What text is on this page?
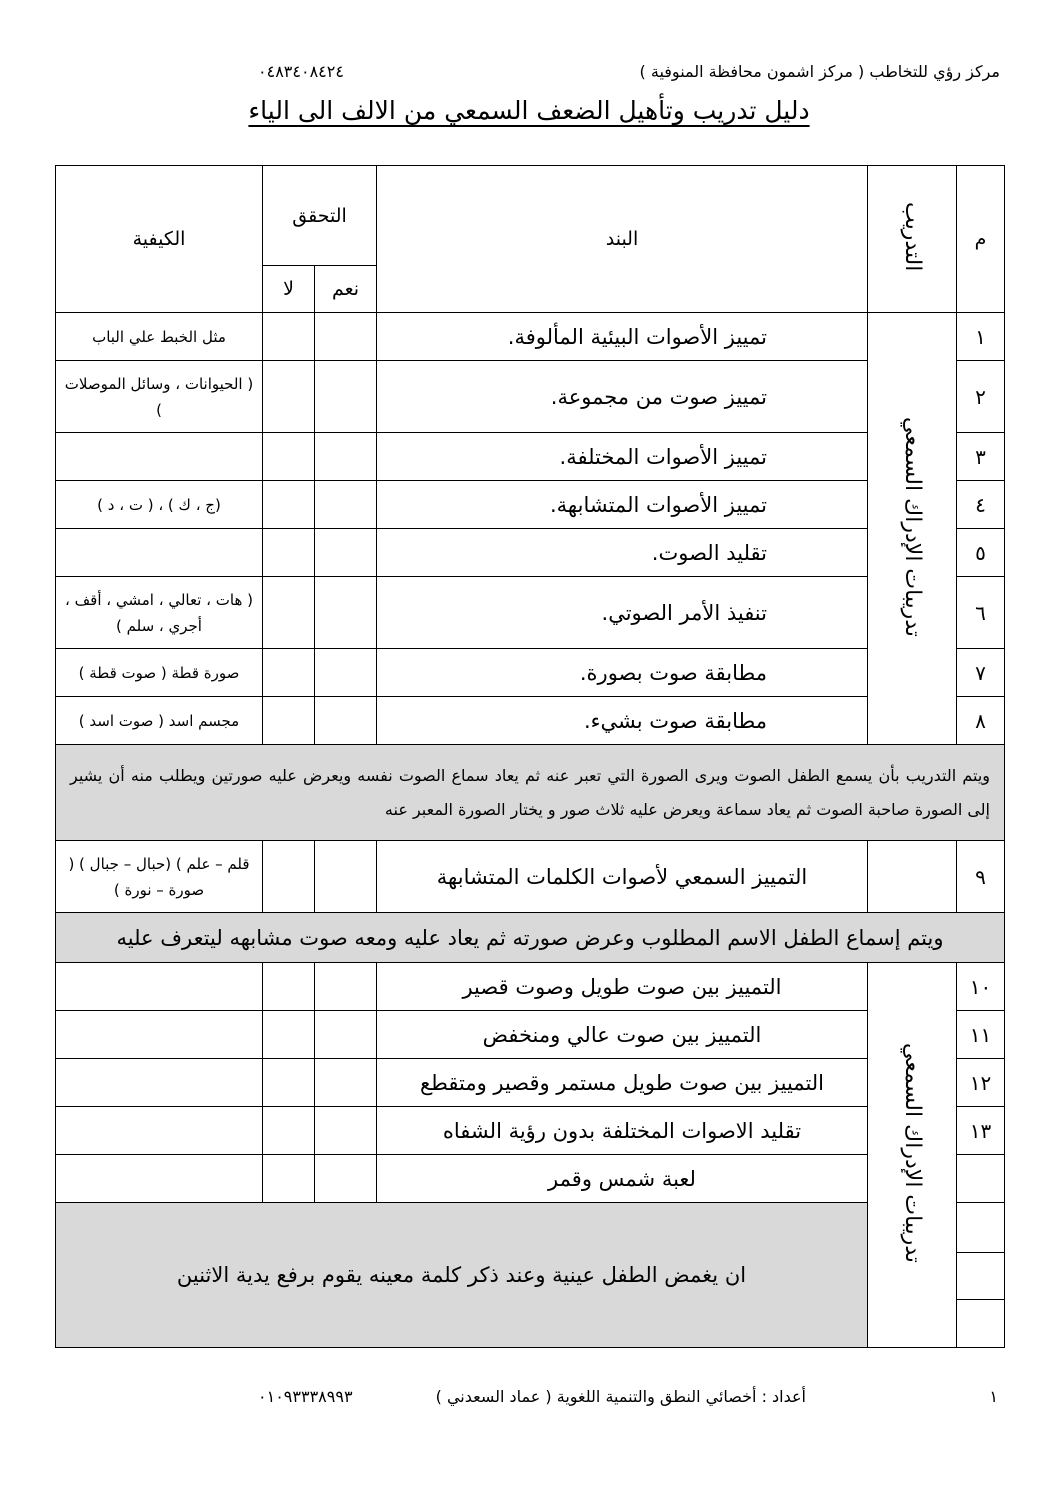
مركز رؤي للتخاطب ( مركز اشمون محافظة المنوفية )
٠٤٨٣٤٠٨٤٢٤
دليل تدريب وتأهيل الضعف السمعي من الالف الى الياء
م	التدريب	البند	التحقق		الكيفية
			نعم	لا	
١	تدريبات الإدراك السمعي	تمييز الأصوات البيئية المألوفة.			مثل الخبط علي الباب
٢		تمييز صوت من مجموعة.			( الحيوانات ، وسائل الموصلات )
٣		تمييز الأصوات المختلفة.			
٤		تمييز الأصوات المتشابهة.			(ج ، ك ) ، ( ت ، د )
٥		تقليد الصوت.			
٦		تنفيذ الأمر الصوتي.			( هات ، تعالي ، امشي ، أقف ، أجري ، سلم )
٧		مطابقة صوت بصورة.			صورة قطة ( صوت قطة )
٨		مطابقة صوت بشيء.			مجسم اسد ( صوت اسد )
ويتم التدريب بأن يسمع الطفل الصوت ويرى الصورة التي تعبر عنه ثم يعاد سماع الصوت نفسه ويعرض عليه صورتين ويطلب منه أن يشير إلى الصورة صاحبة الصوت ثم يعاد سماعة ويعرض عليه ثلاث صور و يختار الصورة المعبر عنه					
٩		التمييز السمعي لأصوات الكلمات المتشابهة			قلم – علم ) (حبال – جبال ) ( صورة – نورة )
ويتم إسماع الطفل الاسم المطلوب وعرض صورته ثم يعاد عليه ومعه صوت مشابهه ليتعرف عليه					
١٠	تدريبات الإدراك السمعي	التمييز بين صوت طويل وصوت قصير			
١١		التمييز بين صوت عالي ومنخفض			
١٢		التمييز بين صوت طويل مستمر وقصير ومتقطع			
١٣		تقليد الاصوات المختلفة بدون رؤية الشفاه			
		لعبة شمس وقمر			
		ان يغمض الطفل عينية وعند ذكر كلمة معينه يقوم برفع يدية الاثنين			

١
أعداد : أخصائي النطق والتنمية اللغوية ( عماد السعدني )
٠١٠٩٣٣٣٨٩٩٣
